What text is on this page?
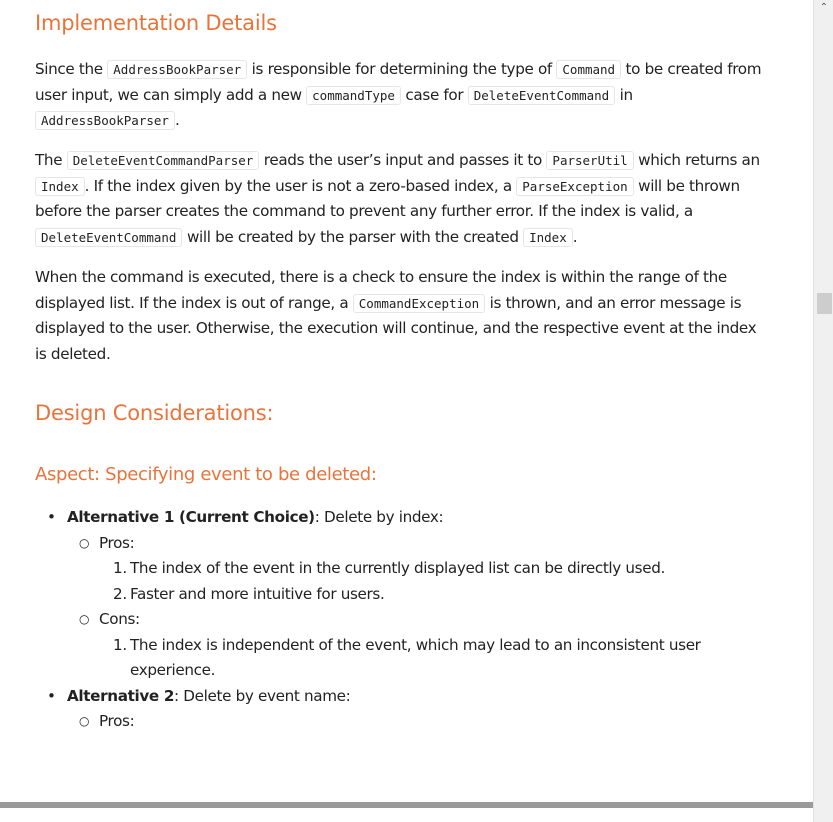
Implementation Details

Since the AddressBookParser is responsible for determining the type of Command to be created from user input, we can simply add a new commandType case for DeleteEventCommand in AddressBookParser .

The DeleteEventCommandParser reads the user’s input and passes it to ParserUtil which returns an Index . If the index given by the user is not a zero-based index, a ParseException will be thrown before the parser creates the command to prevent any further error. If the index is valid, a DeleteEventCommand will be created by the parser with the created Index .

When the command is executed, there is a check to ensure the index is within the range of the displayed list. If the index is out of range, a CommandException is thrown, and an error message is displayed to the user. Otherwise, the execution will continue, and the respective event at the index is deleted.

Design Considerations:
Aspect: Specifying event to be deleted:
• Alternative 1 (Current Choice): Delete by index:
○ Pros:
1. The index of the event in the currently displayed list can be directly used.
2. Faster and more intuitive for users.
○ Cons:
1. The index is independent of the event, which may lead to an inconsistent user experience.
• Alternative 2: Delete by event name:
○ Pros:
⌃
